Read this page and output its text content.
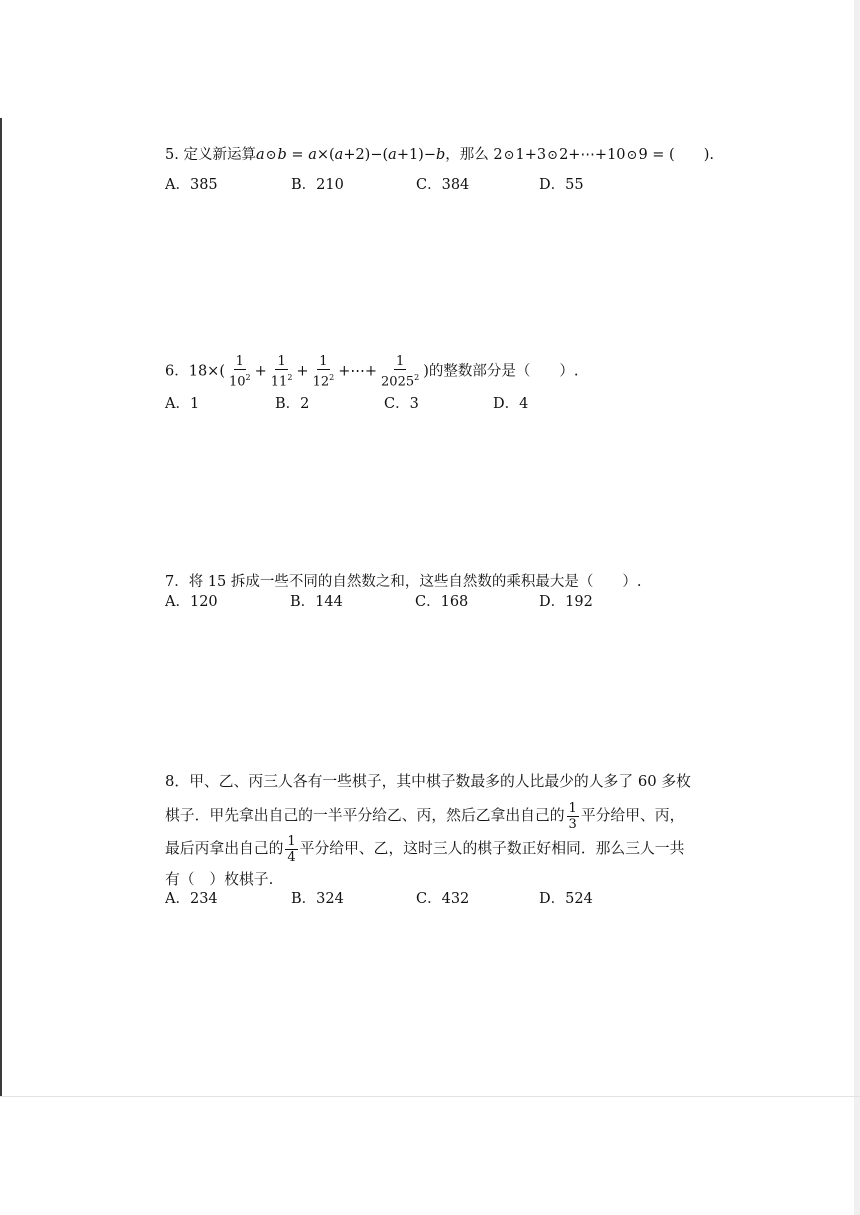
5. 定义新运算a⊙b = a×(a+2)−(a+1)−b，那么 2⊙1+3⊙2+⋯+10⊙9 = (　　).
A．385	B．210	C．384	D．55
6．$18\times( \frac{1}{10^2} + \frac{1}{11^2} + \frac{1}{12^2}$ +⋯+ $\frac{1}{2025^2}$ )的整数部分是（　　）.
A．1	B．2	C．3	D．4
7．将 15 拆成一些不同的自然数之和，这些自然数的乘积最大是（　　）.
A．120	B．144	C．168	D．192
8．甲、乙、丙三人各有一些棋子，其中棋子数最多的人比最少的人多了 60 多枚
棋子．甲先拿出自己的一半平分给乙、丙，然后乙拿出自己的 $\frac{1}{3}$ 平分给甲、丙，
最后丙拿出自己的 $\frac{1}{4}$ 平分给甲、乙，这时三人的棋子数正好相同．那么三人一共
有（　）枚棋子.
A．234	B．324	C．432	D．524
